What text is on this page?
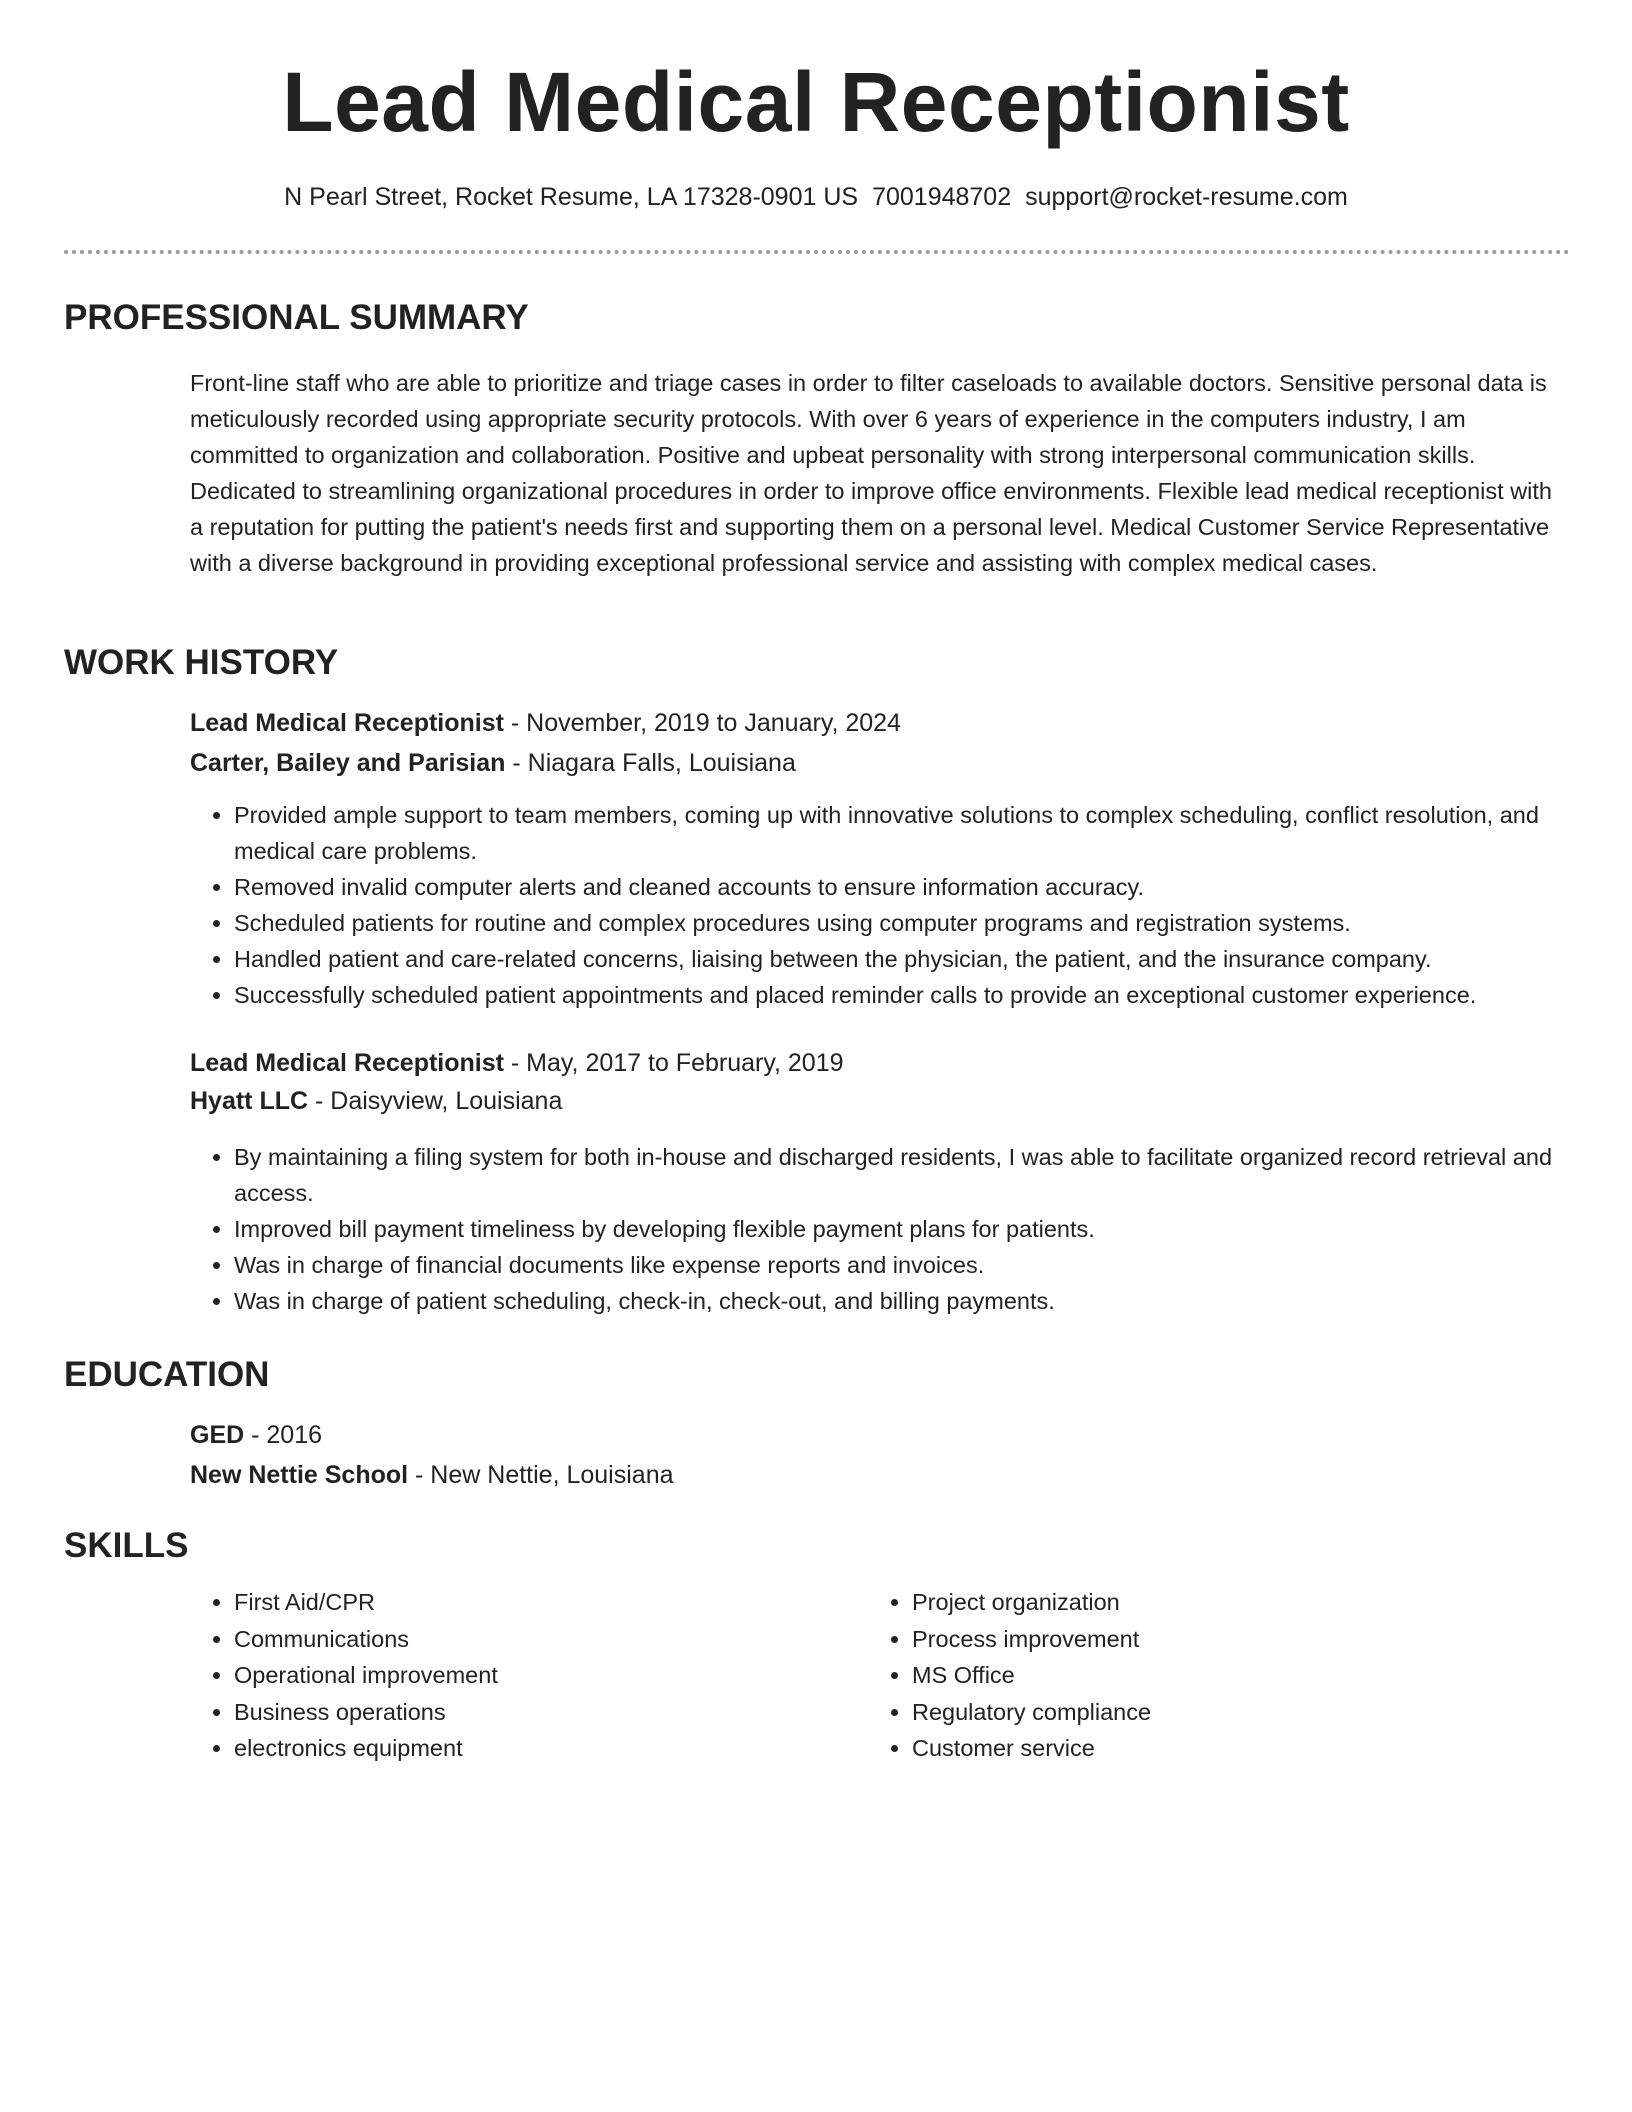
Lead Medical Receptionist
N Pearl Street, Rocket Resume, LA 17328-0901 US 7001948702 support@rocket-resume.com
PROFESSIONAL SUMMARY

Front-line staff who are able to prioritize and triage cases in order to filter caseloads to available doctors. Sensitive personal data is meticulously recorded using appropriate security protocols. With over 6 years of experience in the computers industry, I am committed to organization and collaboration. Positive and upbeat personality with strong interpersonal communication skills. Dedicated to streamlining organizational procedures in order to improve office environments. Flexible lead medical receptionist with a reputation for putting the patient's needs first and supporting them on a personal level. Medical Customer Service Representative with a diverse background in providing exceptional professional service and assisting with complex medical cases.

WORK HISTORY
Lead Medical Receptionist - November, 2019 to January, 2024
Carter, Bailey and Parisian - Niagara Falls, Louisiana
• Provided ample support to team members, coming up with innovative solutions to complex scheduling, conflict resolution, and medical care problems.
• Removed invalid computer alerts and cleaned accounts to ensure information accuracy.
• Scheduled patients for routine and complex procedures using computer programs and registration systems.
• Handled patient and care-related concerns, liaising between the physician, the patient, and the insurance company.
• Successfully scheduled patient appointments and placed reminder calls to provide an exceptional customer experience.
Lead Medical Receptionist - May, 2017 to February, 2019
Hyatt LLC - Daisyview, Louisiana
• By maintaining a filing system for both in-house and discharged residents, I was able to facilitate organized record retrieval and access.
• Improved bill payment timeliness by developing flexible payment plans for patients.
• Was in charge of financial documents like expense reports and invoices.
• Was in charge of patient scheduling, check-in, check-out, and billing payments.
EDUCATION
GED - 2016
New Nettie School - New Nettie, Louisiana
SKILLS
• First Aid/CPR
• Communications
• Operational improvement
• Business operations
• electronics equipment
• Project organization
• Process improvement
• MS Office
• Regulatory compliance
• Customer service
